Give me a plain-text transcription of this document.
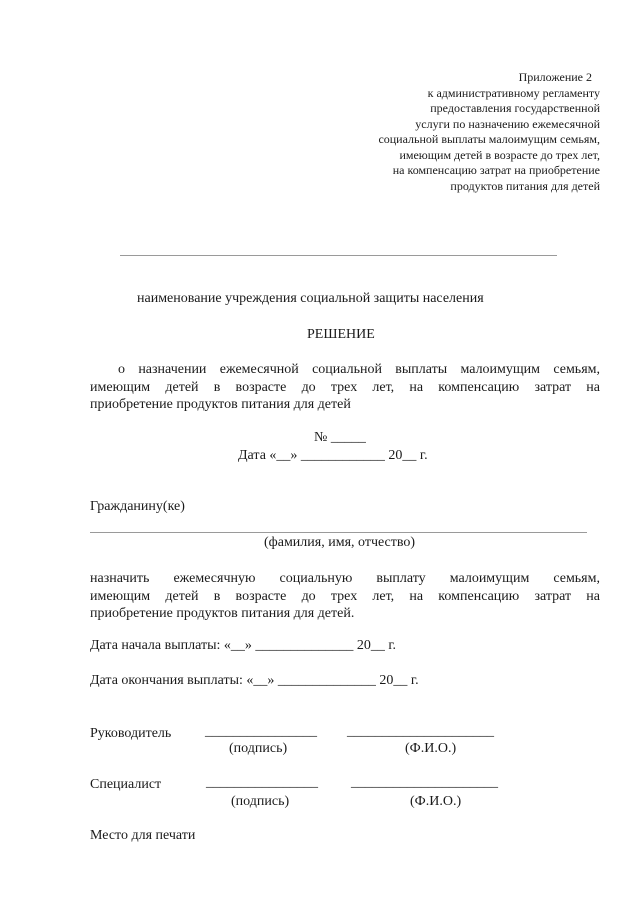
Приложение 2
к административному регламенту
предоставления государственной
услуги по назначению ежемесячной
социальной выплаты малоимущим семьям,
имеющим детей в возрасте до трех лет,
на компенсацию затрат на приобретение
продуктов питания для детей
наименование учреждения социальной защиты населения
РЕШЕНИЕ
о назначении ежемесячной социальной выплаты малоимущим семьям,
имеющим детей в возрасте до трех лет, на компенсацию затрат на
приобретение продуктов питания для детей
№ _____
Дата «__» ____________ 20__ г.
Гражданину(ке)
(фамилия, имя, отчество)
назначить ежемесячную социальную выплату малоимущим семьям,
имеющим детей в возрасте до трех лет, на компенсацию затрат на
приобретение продуктов питания для детей.
Дата начала выплаты: «__» ______________ 20__ г.
Дата окончания выплаты: «__» ______________ 20__ г.
Руководитель ________________ _____________________
(подпись)	(Ф.И.О.)
Специалист	________________ _____________________
(подпись)	(Ф.И.О.)
Место для печати
